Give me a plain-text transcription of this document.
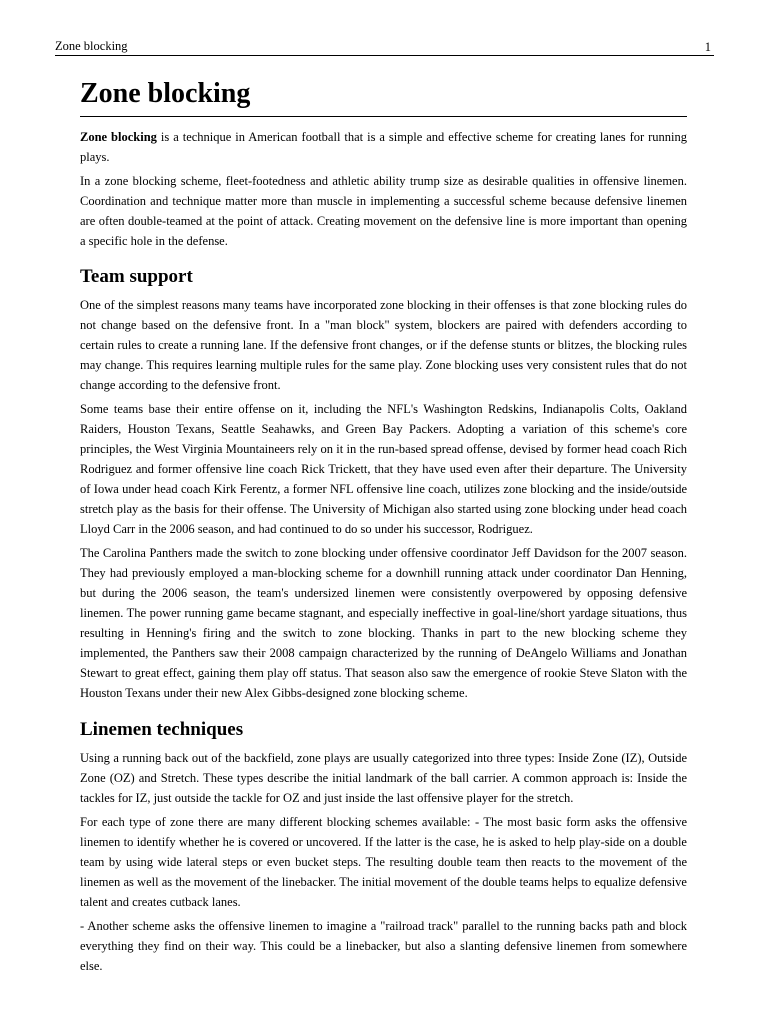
Zone blocking	1
Zone blocking

Zone blocking is a technique in American football that is a simple and effective scheme for creating lanes for running plays.

In a zone blocking scheme, fleet-footedness and athletic ability trump size as desirable qualities in offensive linemen. Coordination and technique matter more than muscle in implementing a successful scheme because defensive linemen are often double-teamed at the point of attack. Creating movement on the defensive line is more important than opening a specific hole in the defense.

Team support

One of the simplest reasons many teams have incorporated zone blocking in their offenses is that zone blocking rules do not change based on the defensive front. In a "man block" system, blockers are paired with defenders according to certain rules to create a running lane. If the defensive front changes, or if the defense stunts or blitzes, the blocking rules may change. This requires learning multiple rules for the same play. Zone blocking uses very consistent rules that do not change according to the defensive front.

Some teams base their entire offense on it, including the NFL's Washington Redskins, Indianapolis Colts, Oakland Raiders, Houston Texans, Seattle Seahawks, and Green Bay Packers. Adopting a variation of this scheme's core principles, the West Virginia Mountaineers rely on it in the run-based spread offense, devised by former head coach Rich Rodriguez and former offensive line coach Rick Trickett, that they have used even after their departure. The University of Iowa under head coach Kirk Ferentz, a former NFL offensive line coach, utilizes zone blocking and the inside/outside stretch play as the basis for their offense. The University of Michigan also started using zone blocking under head coach Lloyd Carr in the 2006 season, and had continued to do so under his successor, Rodriguez.

The Carolina Panthers made the switch to zone blocking under offensive coordinator Jeff Davidson for the 2007 season. They had previously employed a man-blocking scheme for a downhill running attack under coordinator Dan Henning, but during the 2006 season, the team's undersized linemen were consistently overpowered by opposing defensive linemen. The power running game became stagnant, and especially ineffective in goal-line/short yardage situations, thus resulting in Henning's firing and the switch to zone blocking. Thanks in part to the new blocking scheme they implemented, the Panthers saw their 2008 campaign characterized by the running of DeAngelo Williams and Jonathan Stewart to great effect, gaining them play off status. That season also saw the emergence of rookie Steve Slaton with the Houston Texans under their new Alex Gibbs-designed zone blocking scheme.

Linemen techniques

Using a running back out of the backfield, zone plays are usually categorized into three types: Inside Zone (IZ), Outside Zone (OZ) and Stretch. These types describe the initial landmark of the ball carrier. A common approach is: Inside the tackles for IZ, just outside the tackle for OZ and just inside the last offensive player for the stretch.

For each type of zone there are many different blocking schemes available: - The most basic form asks the offensive linemen to identify whether he is covered or uncovered. If the latter is the case, he is asked to help play-side on a double team by using wide lateral steps or even bucket steps. The resulting double team then reacts to the movement of the linemen as well as the movement of the linebacker. The initial movement of the double teams helps to equalize defensive talent and creates cutback lanes.

- Another scheme asks the offensive linemen to imagine a "railroad track" parallel to the running backs path and block everything they find on their way. This could be a linebacker, but also a slanting defensive linemen from somewhere else.
